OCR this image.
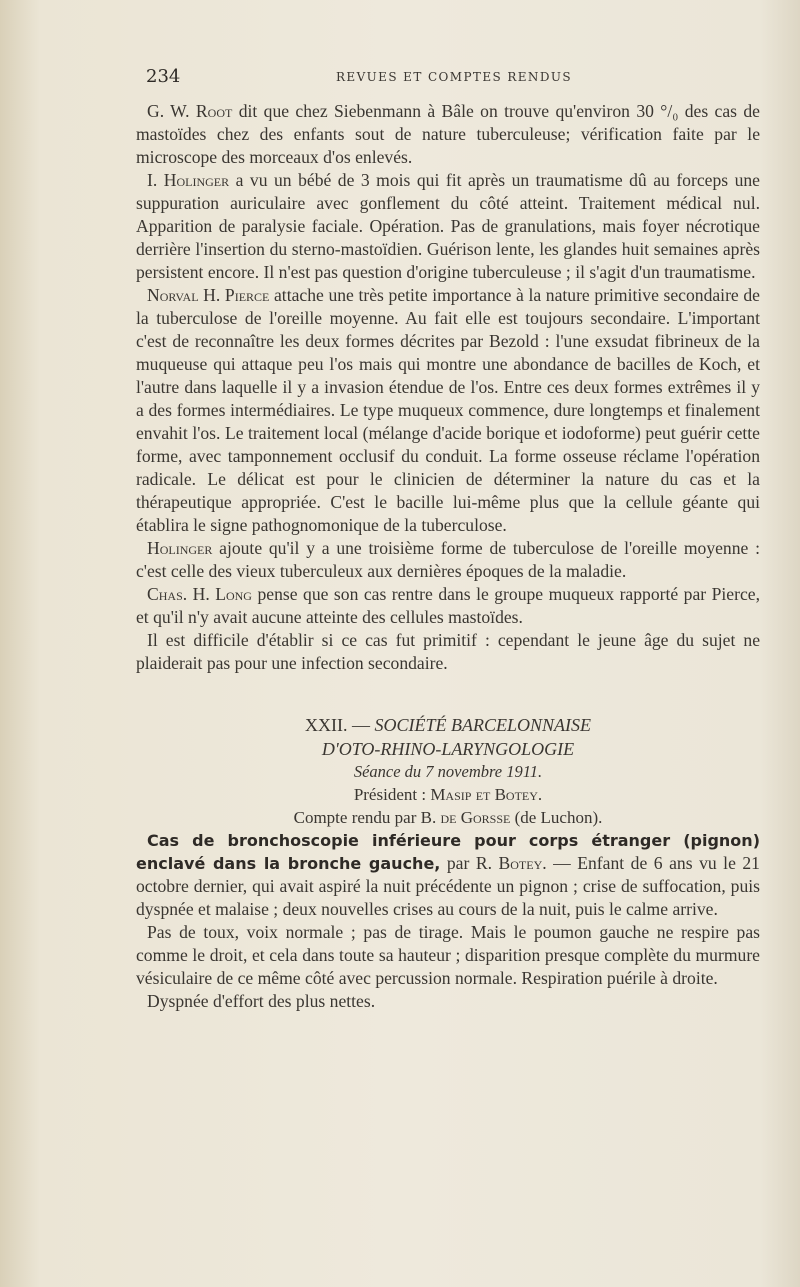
234	REVUES ET COMPTES RENDUS

G. W. Root dit que chez Siebenmann à Bâle on trouve qu'environ 30 °/₀ des cas de mastoïdes chez des enfants sout de nature tuberculeuse; vérification faite par le microscope des morceaux d'os enlevés.

I. Holinger a vu un bébé de 3 mois qui fit après un traumatisme dû au forceps une suppuration auriculaire avec gonflement du côté atteint. Traitement médical nul. Apparition de paralysie faciale. Opération. Pas de granulations, mais foyer nécrotique derrière l'insertion du sterno-mastoïdien. Guérison lente, les glandes huit semaines après persistent encore. Il n'est pas question d'origine tuberculeuse ; il s'agit d'un traumatisme.

Norval H. Pierce attache une très petite importance à la nature primitive secondaire de la tuberculose de l'oreille moyenne. Au fait elle est toujours secondaire. L'important c'est de reconnaître les deux formes décrites par Bezold : l'une exsudat fibrineux de la muqueuse qui attaque peu l'os mais qui montre une abondance de bacilles de Koch, et l'autre dans laquelle il y a invasion étendue de l'os. Entre ces deux formes extrêmes il y a des formes intermédiaires. Le type muqueux commence, dure longtemps et finalement envahit l'os. Le traitement local (mélange d'acide borique et iodoforme) peut guérir cette forme, avec tamponnement occlusif du conduit. La forme osseuse réclame l'opération radicale. Le délicat est pour le clinicien de déterminer la nature du cas et la thérapeutique appropriée. C'est le bacille lui-même plus que la cellule géante qui établira le signe pathognomonique de la tuberculose.

Holinger ajoute qu'il y a une troisième forme de tuberculose de l'oreille moyenne : c'est celle des vieux tuberculeux aux dernières époques de la maladie.

Chas. H. Long pense que son cas rentre dans le groupe muqueux rapporté par Pierce, et qu'il n'y avait aucune atteinte des cellules mastoïdes.

Il est difficile d'établir si ce cas fut primitif : cependant le jeune âge du sujet ne plaiderait pas pour une infection secondaire.

XXII. — SOCIÉTÉ BARCELONNAISE
D'OTO-RHINO-LARYNGOLOGIE
Séance du 7 novembre 1911.
Président : Masip et Botey.
Compte rendu par B. de Gorsse (de Luchon).

Cas de bronchoscopie inférieure pour corps étranger (pignon) enclavé dans la bronche gauche, par R. Botey. — Enfant de 6 ans vu le 21 octobre dernier, qui avait aspiré la nuit précédente un pignon ; crise de suffocation, puis dyspnée et malaise ; deux nouvelles crises au cours de la nuit, puis le calme arrive.

Pas de toux, voix normale ; pas de tirage. Mais le poumon gauche ne respire pas comme le droit, et cela dans toute sa hauteur ; disparition presque complète du murmure vésiculaire de ce même côté avec percussion normale. Respiration puérile à droite.

Dyspnée d'effort des plus nettes.
